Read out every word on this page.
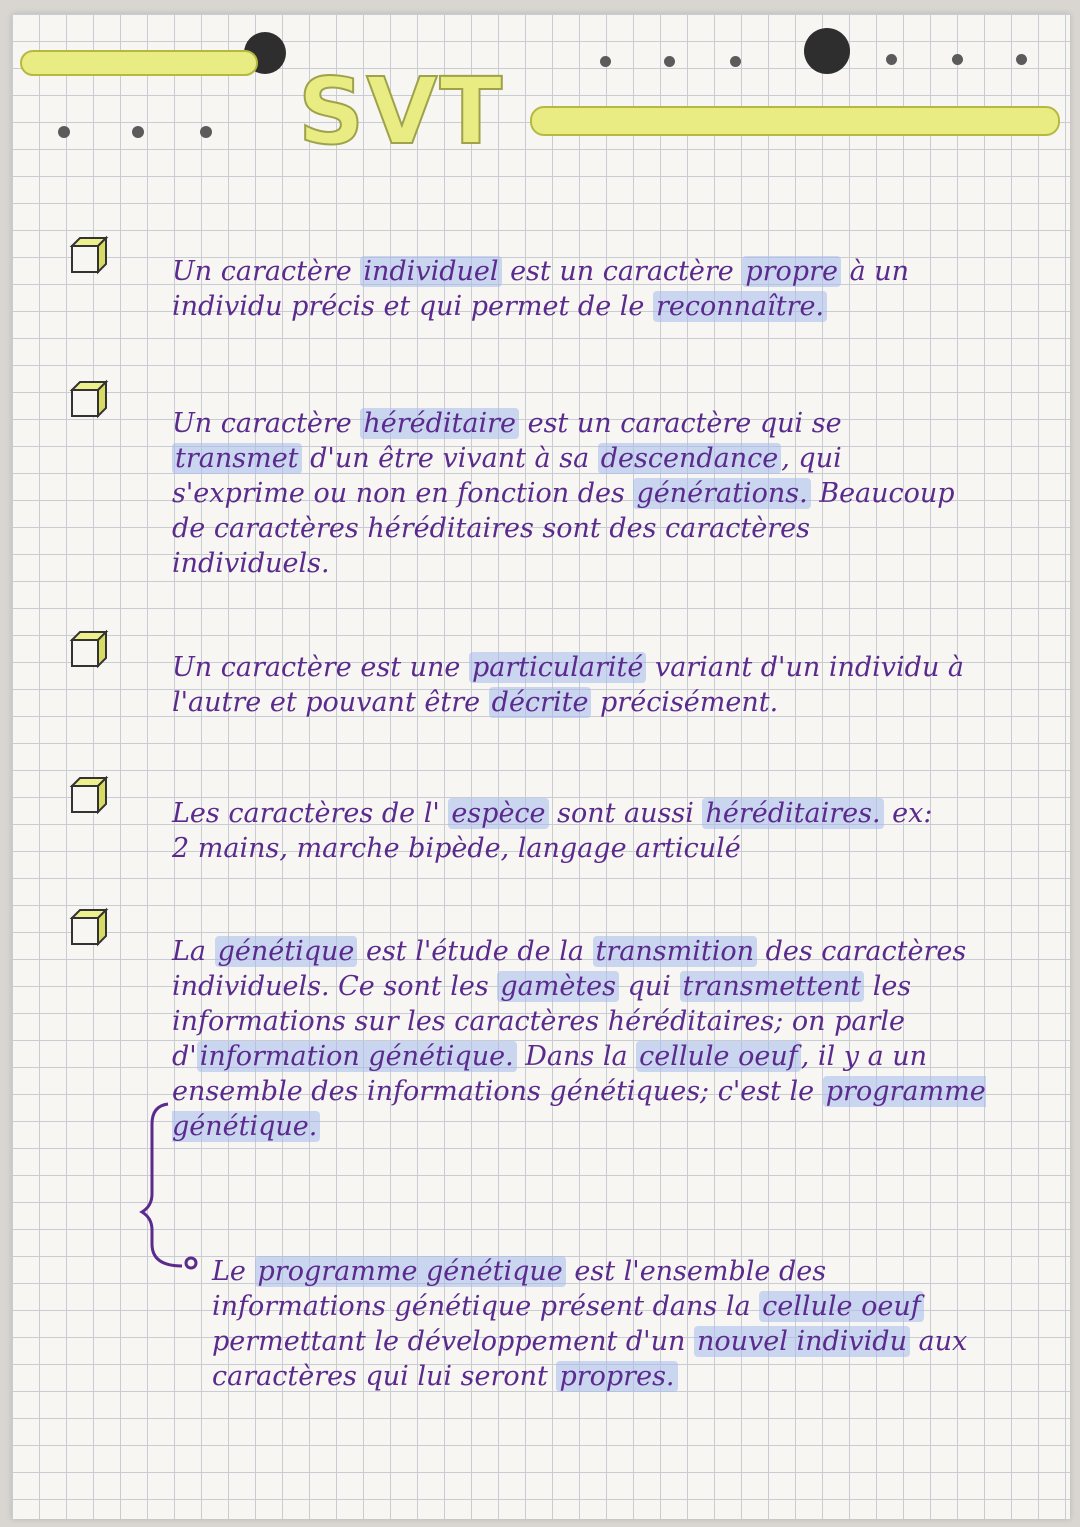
SVT

Un caractère individuel est un caractère propre à un individu précis et qui permet de le reconnaître.

Un caractère héréditaire est un caractère qui se transmet d'un être vivant à sa descendance , qui s'exprime ou non en fonction des générations. Beaucoup de caractères héréditaires sont des caractères individuels.

Un caractère est une particularité variant d'un individu à l'autre et pouvant être décrite précisément.

Les caractères de l' espèce sont aussi héréditaires. ex: 2 mains, marche bipède, langage articulé

La génétique est l'étude de la transmition des caractères individuels. Ce sont les gamètes qui transmettent les informations sur les caractères héréditaires; on parle d' information génétique. Dans la cellule oeuf , il y a un ensemble des informations génétiques; c'est le programme génétique.

Le programme génétique est l'ensemble des informations génétique présent dans la cellule oeuf permettant le développement d'un nouvel individu aux caractères qui lui seront propres.
